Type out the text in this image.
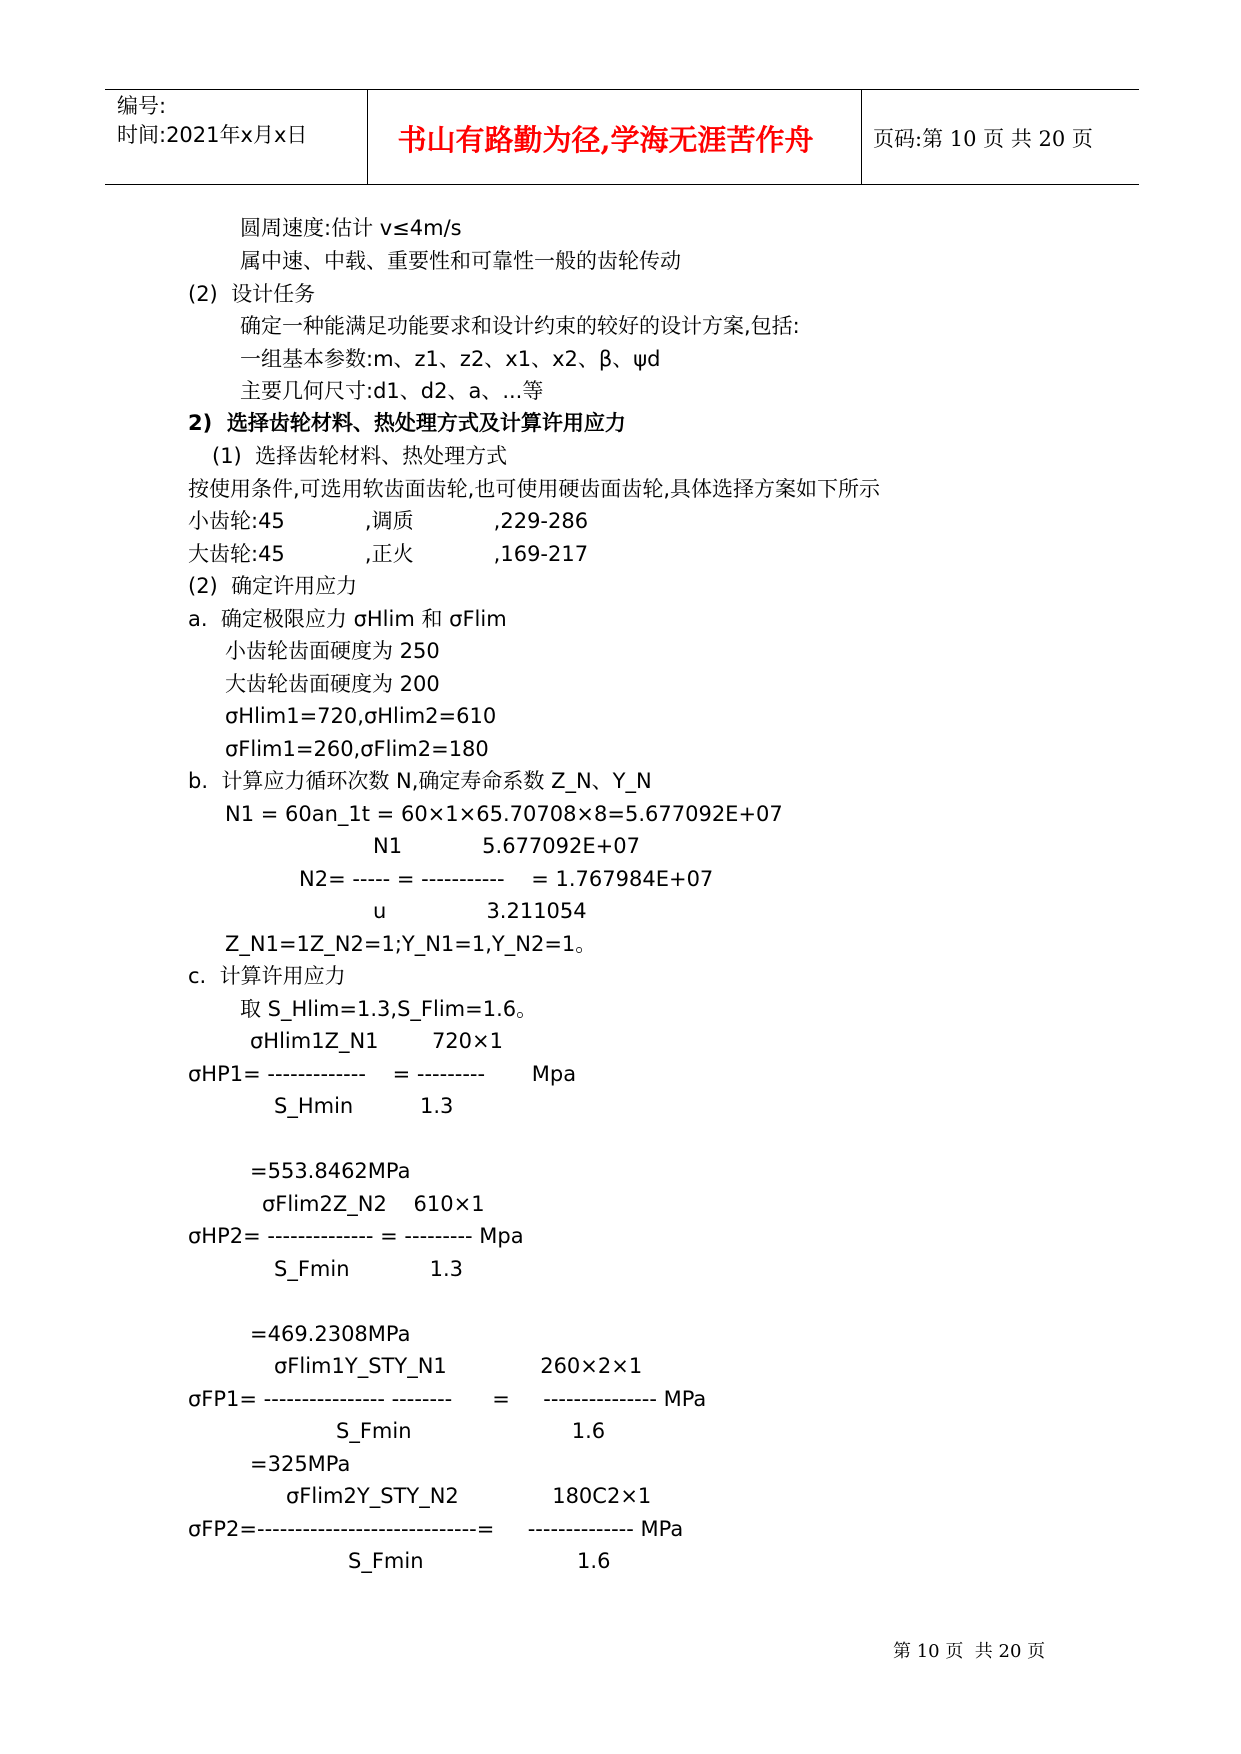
编号:
时间:2021年x月x日	书山有路勤为径,学海无涯苦作舟	页码:第 10 页 共 20 页
圆周速度:估计 v≤4m/s
属中速、中载、重要性和可靠性一般的齿轮传动
(2)  设计任务
确定一种能满足功能要求和设计约束的较好的设计方案,包括:
一组基本参数:m、z1、z2、x1、x2、β、ψd
主要几何尺寸:d1、d2、a、...等
2)  选择齿轮材料、热处理方式及计算许用应力
(1)  选择齿轮材料、热处理方式
按使用条件,可选用软齿面齿轮,也可使用硬齿面齿轮,具体选择方案如下所示
小齿轮:45            ,调质            ,229-286
大齿轮:45            ,正火            ,169-217
(2)  确定许用应力
a.  确定极限应力 σHlim 和 σFlim
小齿轮齿面硬度为 250
大齿轮齿面硬度为 200
σHlim1=720,σHlim2=610
σFlim1=260,σFlim2=180
b.  计算应力循环次数 N,确定寿命系数 Z_N、Y_N
N1 = 60an_1t = 60×1×65.70708×8=5.677092E+07
N1            5.677092E+07
N2= ----- = -----------    = 1.767984E+07
u               3.211054
Z_N1=1Z_N2=1;Y_N1=1,Y_N2=1。
c.  计算许用应力
取 S_Hlim=1.3,S_Flim=1.6。
σHlim1Z_N1        720×1
σHP1= -------------    = ---------       Mpa
S_Hmin          1.3
=553.8462MPa
σFlim2Z_N2    610×1
σHP2= -------------- = --------- Mpa
S_Fmin            1.3
=469.2308MPa
σFlim1Y_STY_N1              260×2×1
σFP1= ---------------- --------      =     --------------- MPa
S_Fmin                        1.6
=325MPa
σFlim2Y_STY_N2              180C2×1
σFP2=-----------------------------=     -------------- MPa
S_Fmin                       1.6
第 10 页  共 20 页
